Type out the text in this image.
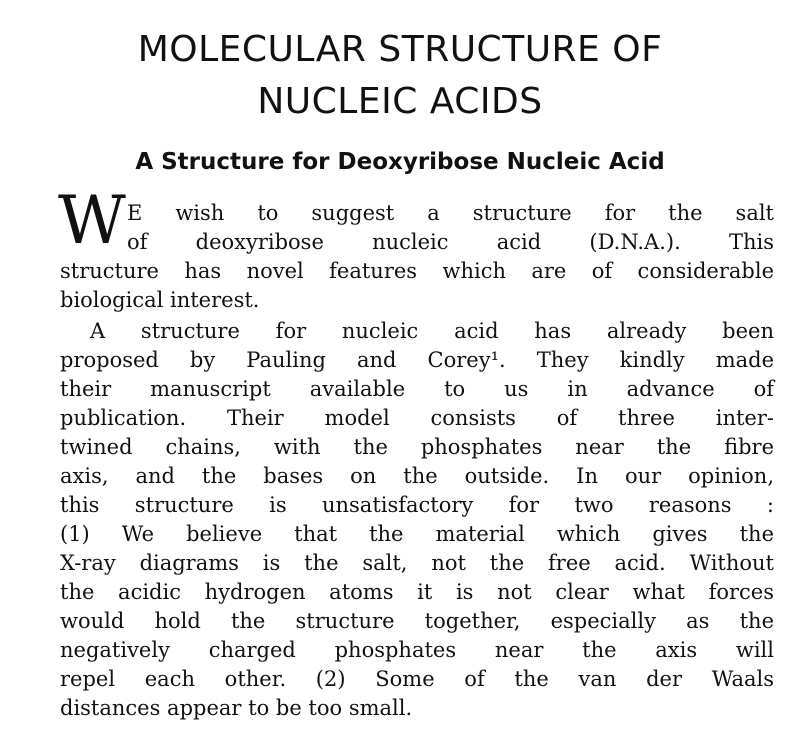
MOLECULAR STRUCTURE OF
NUCLEIC ACIDS
A Structure for Deoxyribose Nucleic Acid
W E wish to suggest a structure for the salt

of deoxyribose nucleic acid (D.N.A.). This

structure has novel features which are of considerable

biological interest.

A structure for nucleic acid has already been

proposed by Pauling and Corey¹. They kindly made

their manuscript available to us in advance of

publication. Their model consists of three inter-

twined chains, with the phosphates near the fibre

axis, and the bases on the outside. In our opinion,

this structure is unsatisfactory for two reasons :

(1) We believe that the material which gives the

X-ray diagrams is the salt, not the free acid. Without

the acidic hydrogen atoms it is not clear what forces

would hold the structure together, especially as the

negatively charged phosphates near the axis will

repel each other. (2) Some of the van der Waals

distances appear to be too small.
